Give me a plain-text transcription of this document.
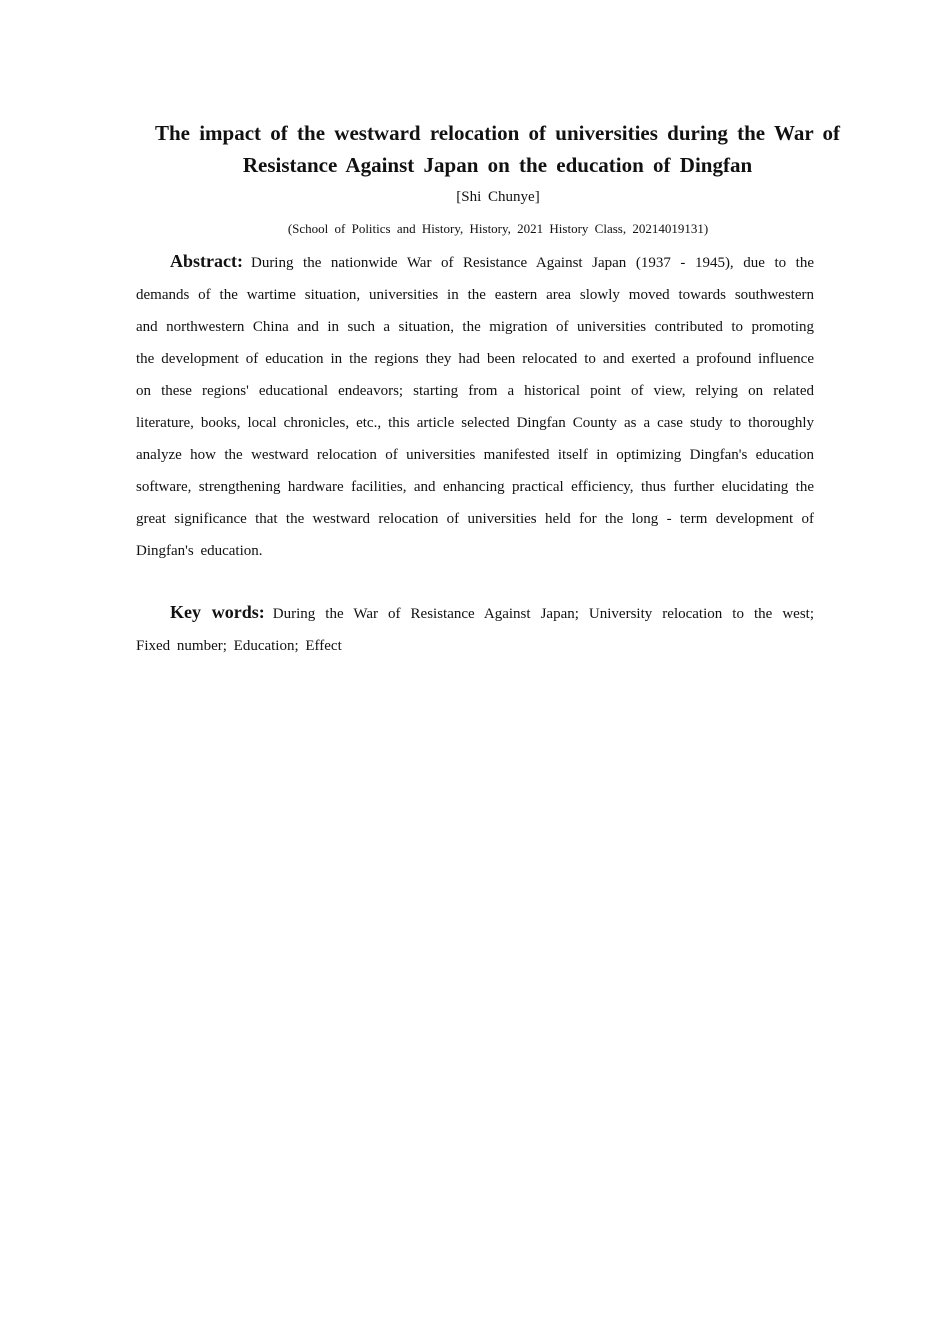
The impact of the westward relocation of universities during the War of Resistance Against Japan on the education of Dingfan
[Shi Chunye]
(School of Politics and History, History, 2021 History Class, 20214019131)

Abstract: During the nationwide War of Resistance Against Japan (1937 - 1945), due to the demands of the wartime situation, universities in the eastern area slowly moved towards southwestern and northwestern China and in such a situation, the migration of universities contributed to promoting the development of education in the regions they had been relocated to and exerted a profound influence on these regions' educational endeavors; starting from a historical point of view, relying on related literature, books, local chronicles, etc., this article selected Dingfan County as a case study to thoroughly analyze how the westward relocation of universities manifested itself in optimizing Dingfan's education software, strengthening hardware facilities, and enhancing practical efficiency, thus further elucidating the great significance that the westward relocation of universities held for the long - term development of Dingfan's education.

Key words: During the War of Resistance Against Japan; University relocation to the west; Fixed number; Education; Effect
